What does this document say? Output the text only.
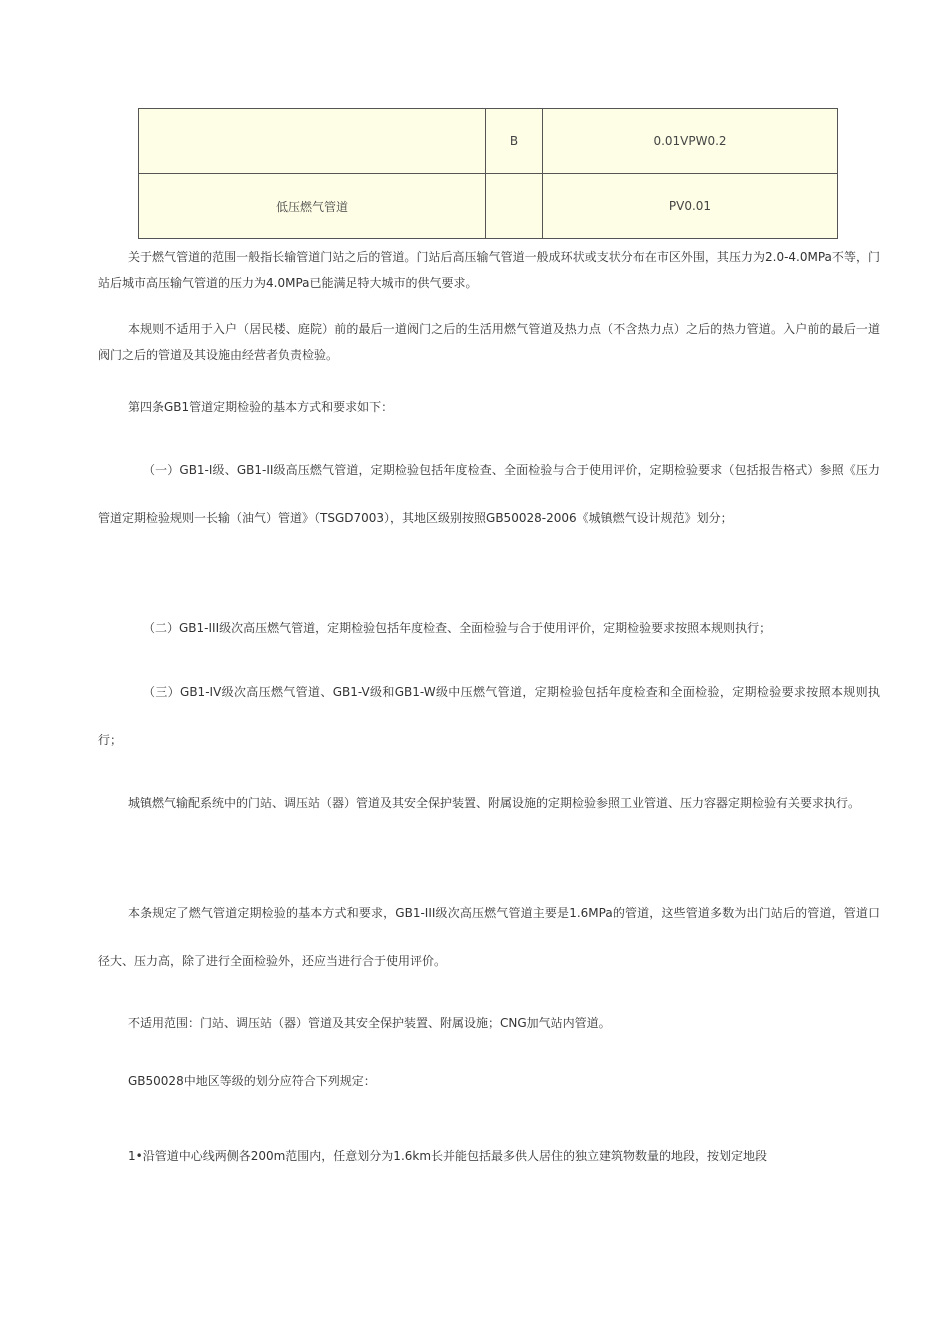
	B	0.01VPW0.2
低压燃气管道		PV0.01

关于燃气管道的范围一般指长输管道门站之后的管道。门站后高压输气管道一般成环状或支状分布在市区外围，其压力为2.0-4.0MPa不等，门站后城市高压输气管道的压力为4.0MPa已能满足特大城市的供气要求。

本规则不适用于入户（居民楼、庭院）前的最后一道阀门之后的生活用燃气管道及热力点（不含热力点）之后的热力管道。入户前的最后一道阀门之后的管道及其设施由经营者负责检验。

第四条GB1管道定期检验的基本方式和要求如下：

（一）GB1-I级、GB1-II级高压燃气管道，定期检验包括年度检查、全面检验与合于使用评价，定期检验要求（包括报告格式）参照《压力管道定期检验规则一长输（油气）管道》（TSGD7003），其地区级别按照GB50028-2006《城镇燃气设计规范》划分；

（二）GB1-III级次高压燃气管道，定期检验包括年度检查、全面检验与合于使用评价，定期检验要求按照本规则执行；

（三）GB1-IV级次高压燃气管道、GB1-V级和GB1-W级中压燃气管道，定期检验包括年度检查和全面检验，定期检验要求按照本规则执行；

城镇燃气输配系统中的门站、调压站（器）管道及其安全保护装置、附属设施的定期检验参照工业管道、压力容器定期检验有关要求执行。

本条规定了燃气管道定期检验的基本方式和要求，GB1-III级次高压燃气管道主要是1.6MPa的管道，这些管道多数为出门站后的管道，管道口径大、压力高，除了进行全面检验外，还应当进行合于使用评价。

不适用范围：门站、调压站（器）管道及其安全保护装置、附属设施；CNG加气站内管道。

GB50028中地区等级的划分应符合下列规定：

1•沿管道中心线两侧各200m范围内，任意划分为1.6km长并能包括最多供人居住的独立建筑物数量的地段，按划定地段
